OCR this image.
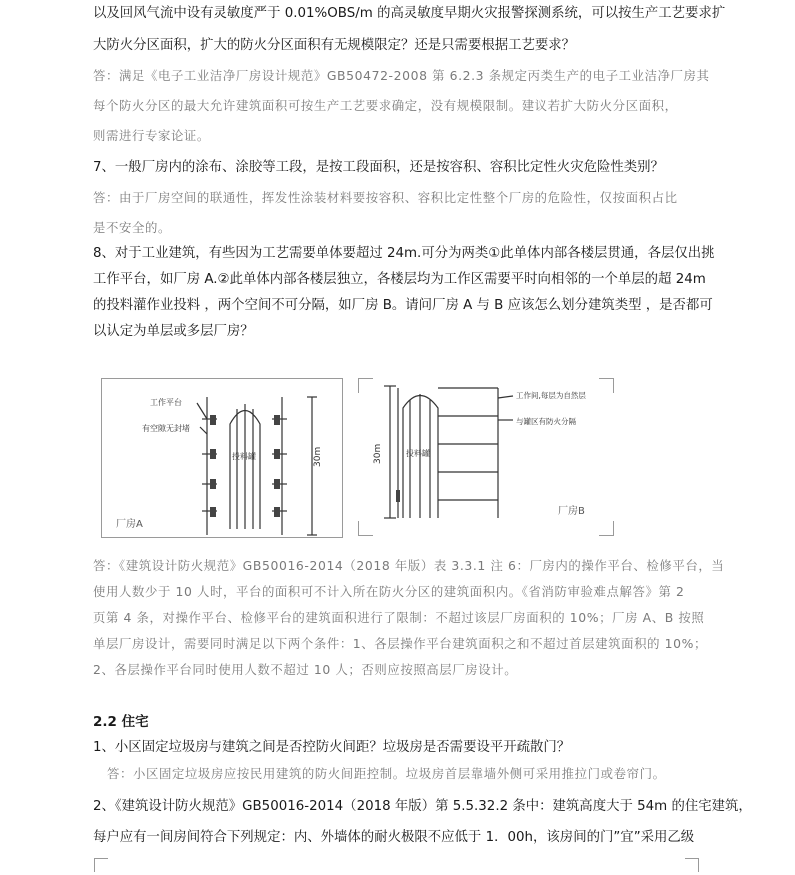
以及回风气流中设有灵敏度严于 0.01%OBS/m 的高灵敏度早期火灾报警探测系统，可以按生产工艺要求扩
大防火分区面积，扩大的防火分区面积有无规模限定？还是只需要根据工艺要求？
答：满足《电子工业洁净厂房设计规范》GB50472-2008 第 6.2.3 条规定丙类生产的电子工业洁净厂房其
每个防火分区的最大允许建筑面积可按生产工艺要求确定，没有规模限制。建议若扩大防火分区面积，
则需进行专家论证。
7、一般厂房内的涂布、涂胶等工段，是按工段面积，还是按容积、容积比定性火灾危险性类别？
答：由于厂房空间的联通性，挥发性涂装材料要按容积、容积比定性整个厂房的危险性，仅按面积占比
是不安全的。
8、对于工业建筑，有些因为工艺需要单体要超过 24m.可分为两类①此单体内部各楼层贯通，各层仅出挑
工作平台，如厂房 A.②此单体内部各楼层独立，各楼层均为工作区需要平时向相邻的一个单层的超 24m
的投料灌作业投料 ，两个空间不可分隔，如厂房 B。请问厂房 A 与 B 应该怎么划分建筑类型 ，是否都可
以认定为单层或多层厂房？
工作平台
有空隙无封堵
投料罐	30m
厂房A
工作间,每层为自然层
与罐区有防火分隔
投料罐
30m
厂房B
答：《建筑设计防火规范》GB50016-2014（2018 年版）表 3.3.1 注 6：厂房内的操作平台、检修平台，当
使用人数少于 10 人时，平台的面积可不计入所在防火分区的建筑面积内。《省消防审验难点解答》第 2
页第 4 条，对操作平台、检修平台的建筑面积进行了限制：不超过该层厂房面积的 10%；厂房 A、B 按照
单层厂房设计，需要同时满足以下两个条件：1、各层操作平台建筑面积之和不超过首层建筑面积的 10%；
2、各层操作平台同时使用人数不超过 10 人；否则应按照高层厂房设计。
2.2 住宅
1、小区固定垃圾房与建筑之间是否控防火间距？垃圾房是否需要设平开疏散门？
答：小区固定垃圾房应按民用建筑的防火间距控制。垃圾房首层靠墙外侧可采用推拉门或卷帘门。
2、《建筑设计防火规范》GB50016-2014（2018 年版）第 5.5.32.2 条中：建筑高度大于 54m 的住宅建筑，
每户应有一间房间符合下列规定：内、外墙体的耐火极限不应低于 1．00h，该房间的门”宜”采用乙级
